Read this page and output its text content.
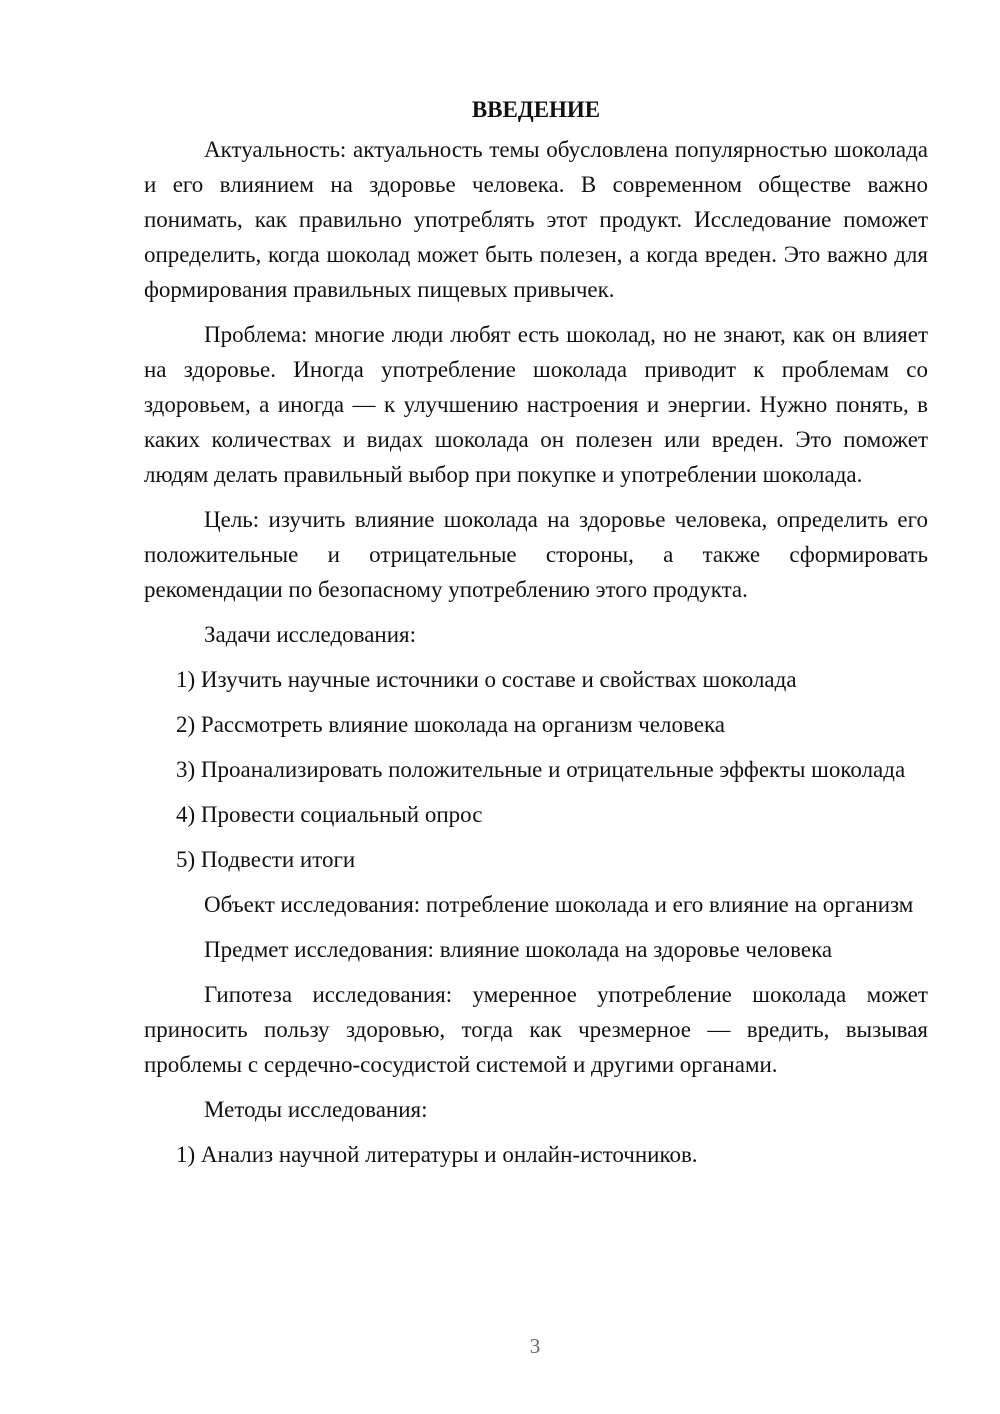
ВВЕДЕНИЕ

Актуальность: актуальность темы обусловлена популярностью шоколада и его влиянием на здоровье человека. В современном обществе важно понимать, как правильно употреблять этот продукт. Исследование поможет определить, когда шоколад может быть полезен, а когда вреден. Это важно для формирования правильных пищевых привычек.

Проблема: многие люди любят есть шоколад, но не знают, как он влияет на здоровье. Иногда употребление шоколада приводит к проблемам со здоровьем, а иногда — к улучшению настроения и энергии. Нужно понять, в каких количествах и видах шоколада он полезен или вреден. Это поможет людям делать правильный выбор при покупке и употреблении шоколада.

Цель: изучить влияние шоколада на здоровье человека, определить его положительные и отрицательные стороны, а также сформировать рекомендации по безопасному употреблению этого продукта.

Задачи исследования:

1) Изучить научные источники о составе и свойствах шоколада

2) Рассмотреть влияние шоколада на организм человека

3) Проанализировать положительные и отрицательные эффекты шоколада

4) Провести социальный опрос

5) Подвести итоги

Объект исследования: потребление шоколада и его влияние на организм

Предмет исследования: влияние шоколада на здоровье человека

Гипотеза исследования: умеренное употребление шоколада может приносить пользу здоровью, тогда как чрезмерное — вредить, вызывая проблемы с сердечно-сосудистой системой и другими органами.

Методы исследования:

1) Анализ научной литературы и онлайн-источников.

3
